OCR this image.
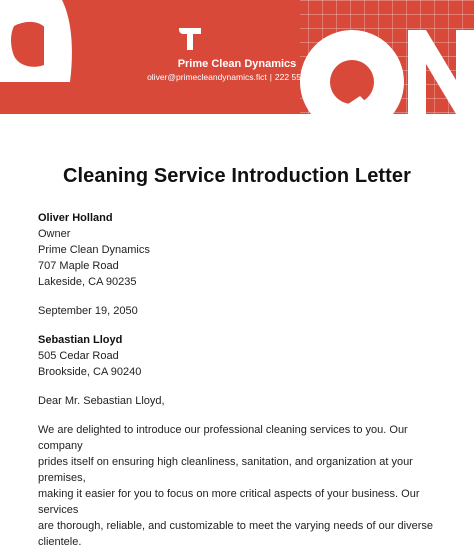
Prime Clean Dynamics
oliver@primecleandynamics.fict | 222 555 7777
Cleaning Service Introduction Letter
Oliver Holland
Owner
Prime Clean Dynamics
707 Maple Road
Lakeside, CA 90235
September 19, 2050
Sebastian Lloyd
505 Cedar Road
Brookside, CA 90240
Dear Mr. Sebastian Lloyd,
We are delighted to introduce our professional cleaning services to you. Our company
prides itself on ensuring high cleanliness, sanitation, and organization at your premises,
making it easier for you to focus on more critical aspects of your business. Our services
are thorough, reliable, and customizable to meet the varying needs of our diverse
clientele.
